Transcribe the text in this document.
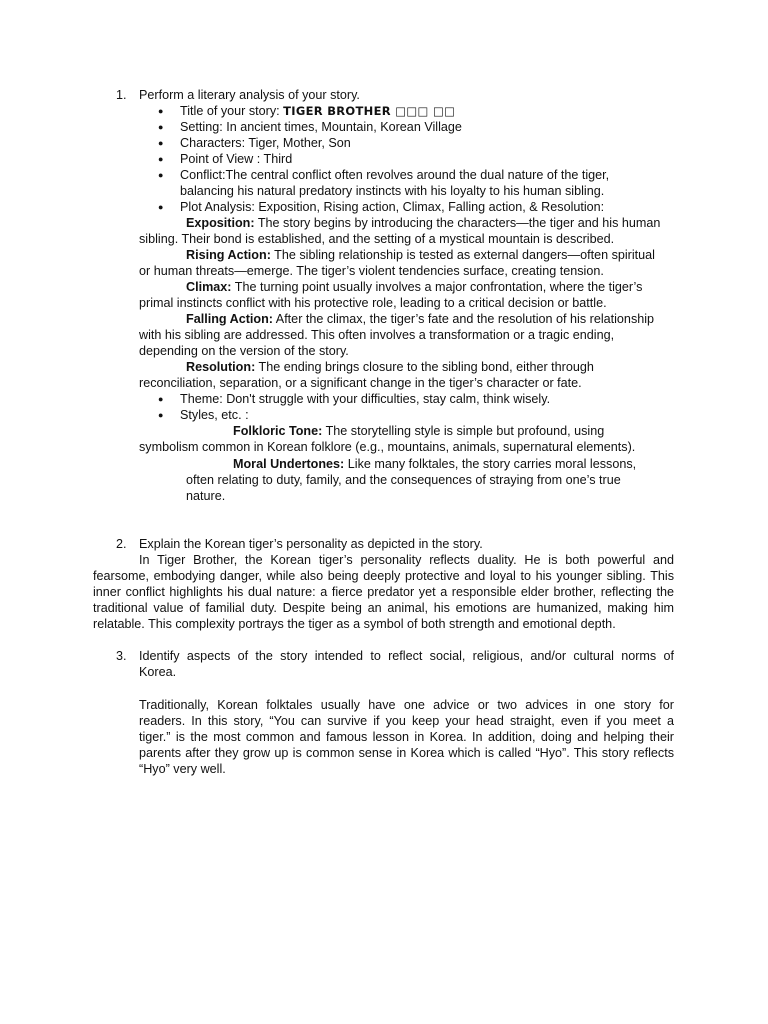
1. Perform a literary analysis of your story.
● Title of your story: TIGER BROTHER □□□ □□
● Setting: In ancient times, Mountain, Korean Village
● Characters: Tiger, Mother, Son
● Point of View : Third
● Conflict:The central conflict often revolves around the dual nature of the tiger,
balancing his natural predatory instincts with his loyalty to his human sibling.
● Plot Analysis: Exposition, Rising action, Climax, Falling action, & Resolution:
Exposition: The story begins by introducing the characters—the tiger and his human
sibling. Their bond is established, and the setting of a mystical mountain is described.
Rising Action: The sibling relationship is tested as external dangers—often spiritual
or human threats—emerge. The tiger’s violent tendencies surface, creating tension.
Climax: The turning point usually involves a major confrontation, where the tiger’s
primal instincts conflict with his protective role, leading to a critical decision or battle.
Falling Action: After the climax, the tiger’s fate and the resolution of his relationship
with his sibling are addressed. This often involves a transformation or a tragic ending,
depending on the version of the story.
Resolution: The ending brings closure to the sibling bond, either through
reconciliation, separation, or a significant change in the tiger’s character or fate.
● Theme: Don't struggle with your difficulties, stay calm, think wisely.
● Styles, etc. :
Folkloric Tone: The storytelling style is simple but profound, using
symbolism common in Korean folklore (e.g., mountains, animals, supernatural elements).
Moral Undertones: Like many folktales, the story carries moral lessons,
often relating to duty, family, and the consequences of straying from one’s true
nature.
2. Explain the Korean tiger’s personality as depicted in the story.
In Tiger Brother, the Korean tiger’s personality reflects duality. He is both powerful and
fearsome, embodying danger, while also being deeply protective and loyal to his younger sibling. This
inner conflict highlights his dual nature: a fierce predator yet a responsible elder brother, reflecting the
traditional value of familial duty. Despite being an animal, his emotions are humanized, making him
relatable. This complexity portrays the tiger as a symbol of both strength and emotional depth.
3. Identify aspects of the story intended to reflect social, religious, and/or cultural norms of
Korea.
Traditionally, Korean folktales usually have one advice or two advices in one story for
readers. In this story, “You can survive if you keep your head straight, even if you meet a
tiger.” is the most common and famous lesson in Korea. In addition, doing and helping their
parents after they grow up is common sense in Korea which is called “Hyo”. This story reflects
“Hyo” very well.
